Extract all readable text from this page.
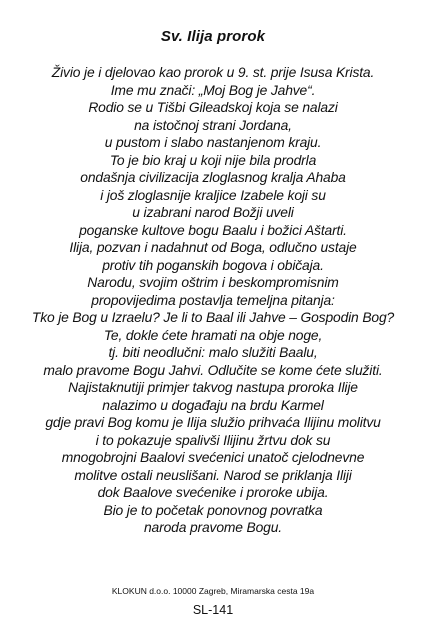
Sv. Ilija prorok
Živio je i djelovao kao prorok u 9. st. prije Isusa Krista.
Ime mu znači: „Moj Bog je Jahve“.
Rodio se u Tišbi Gileadskoj koja se nalazi
na istočnoj strani Jordana,
u pustom i slabo nastanjenom kraju.
To je bio kraj u koji nije bila prodrla
ondašnja civilizacija zloglasnog kralja Ahaba
i još zloglasnije kraljice Izabele koji su
u izabrani narod Božji uveli
poganske kultove bogu Baalu i božici Aštarti.
Ilija, pozvan i nadahnut od Boga, odlučno ustaje
protiv tih poganskih bogova i običaja.
Narodu, svojim oštrim i beskompromisnim
propovijedima postavlja temeljna pitanja:
Tko je Bog u Izraelu? Je li to Baal ili Jahve – Gospodin Bog?
Te, dokle ćete hramati na obje noge,
tj. biti neodlučni: malo služiti Baalu,
malo pravome Bogu Jahvi. Odlučite se kome ćete služiti.
Najistaknutiji primjer takvog nastupa proroka Ilije
nalazimo u događaju na brdu Karmel
gdje pravi Bog komu je Ilija služio prihvaća Ilijinu molitvu
i to pokazuje spalivši Ilijinu žrtvu dok su
mnogobrojni Baalovi svećenici unatoč cjelodnevne
molitve ostali neuslišani. Narod se priklanja Iliji
dok Baalove svećenike i proroke ubija.
Bio je to početak ponovnog povratka
naroda pravome Bogu.
KLOKUN d.o.o. 10000 Zagreb, Miramarska cesta 19a
SL-141
